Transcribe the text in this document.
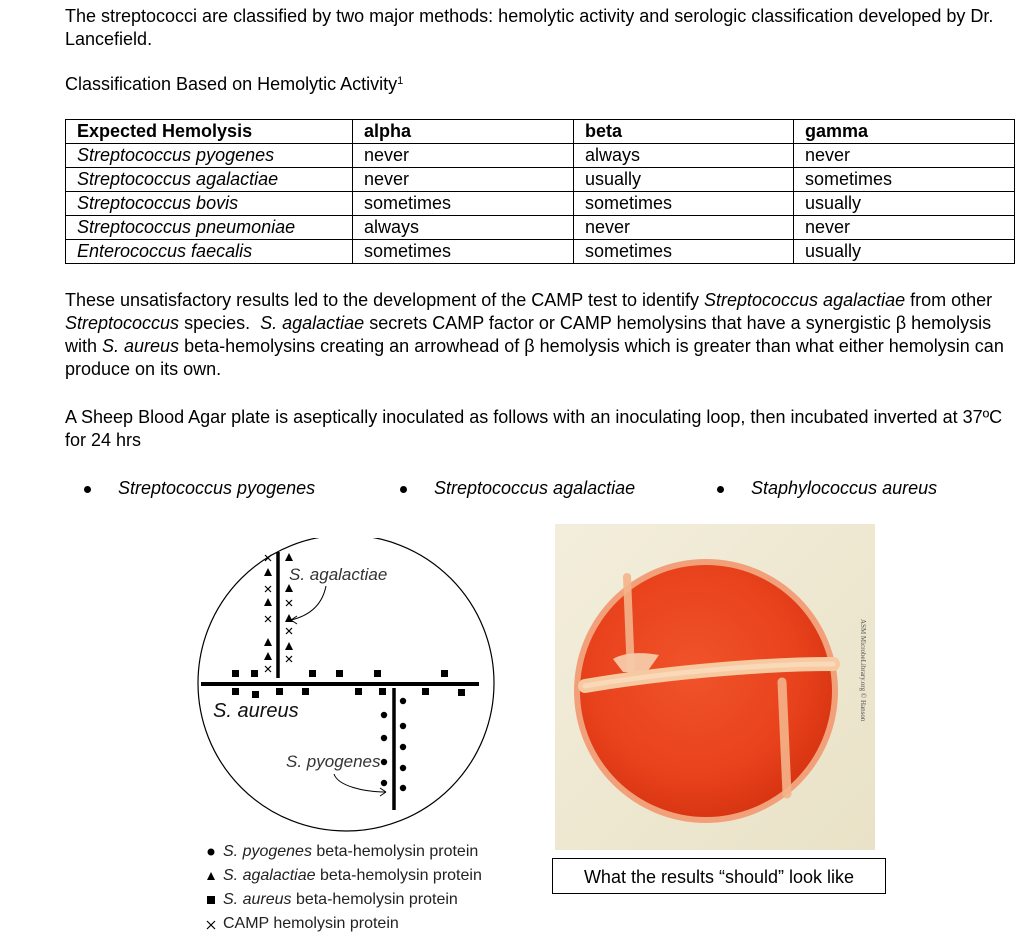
The streptococci are classified by two major methods: hemolytic activity and serologic classification developed by Dr. Lancefield.

Classification Based on Hemolytic Activity$^1$

Expected Hemolysis	alpha	beta	gamma
Streptococcus pyogenes	never	always	never
Streptococcus agalactiae	never	usually	sometimes
Streptococcus bovis	sometimes	sometimes	usually
Streptococcus pneumoniae	always	never	never
Enterococcus faecalis	sometimes	sometimes	usually

These unsatisfactory results led to the development of the CAMP test to identify Streptococcus agalactiae from other Streptococcus species.  S. agalactiae secrets CAMP factor or CAMP hemolysins that have a synergistic β hemolysis with S. aureus beta-hemolysins creating an arrowhead of β hemolysis which is greater than what either hemolysin can produce on its own.

A Sheep Blood Agar plate is aseptically inoculated as follows with an inoculating loop, then incubated inverted at 37ºC for 24 hrs

Streptococcus pyogenes	Streptococcus agalactiae	Staphylococcus aureus
S. agalactiae
S. aureus
S. pyogenes
ASM MicrobeLibrary.org © Hanson
What the results “should” look like
S. pyogenes beta-hemolysin protein
S. agalactiae beta-hemolysin protein
S. aureus beta-hemolysin protein
CAMP hemolysin protein
